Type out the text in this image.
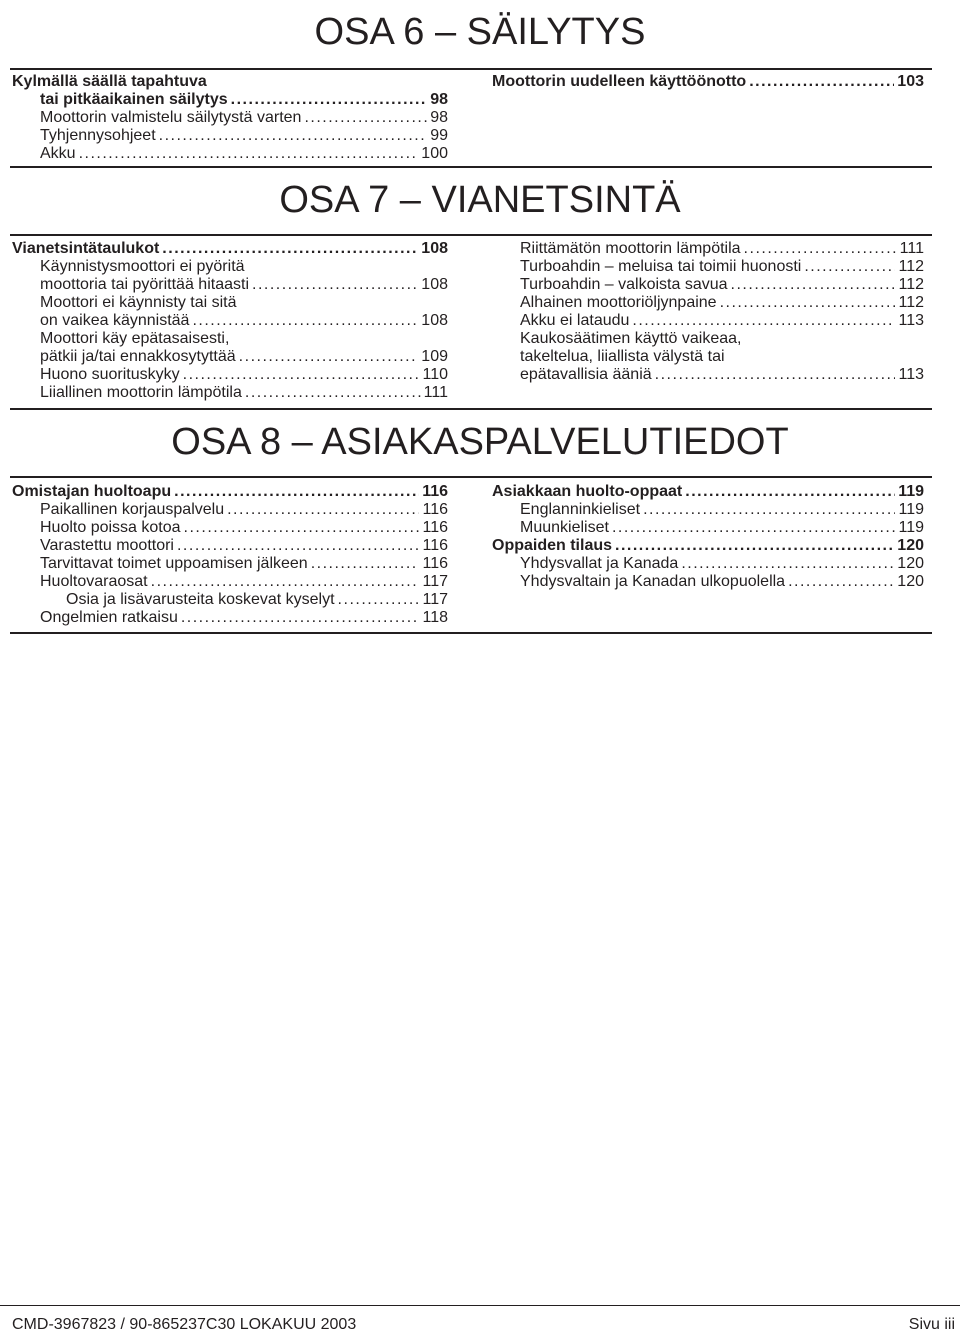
OSA 6 – SÄILYTYS
Kylmällä säällä tapahtuva
tai pitkäaikainen säilytys .....	98
Moottorin valmistelu säilytystä varten .....	98
Tyhjennysohjeet .....	99
Akku .....	100
Moottorin uudelleen käyttöönotto .....	103
OSA 7 – VIANETSINTÄ
Vianetsintätaulukot .....	108
Käynnistysmoottori ei pyöritä
moottoria tai pyörittää hitaasti .....	108
Moottori ei käynnisty tai sitä
on vaikea käynnistää .....	108
Moottori käy epätasaisesti,
pätkii ja/tai ennakkosytyttää .....	109
Huono suorituskyky .....	110
Liiallinen moottorin lämpötila .....	111
Riittämätön moottorin lämpötila .....	111
Turboahdin – meluisa tai toimii huonosti .....	112
Turboahdin – valkoista savua .....	112
Alhainen moottoriöljynpaine .....	112
Akku ei lataudu .....	113
Kaukosäätimen käyttö vaikeaa,
takeltelua, liiallista välystä tai
epätavallisia ääniä .....	113
OSA 8 – ASIAKASPALVELUTIEDOT
Omistajan huoltoapu .....	116
Paikallinen korjauspalvelu .....	116
Huolto poissa kotoa .....	116
Varastettu moottori .....	116
Tarvittavat toimet uppoamisen jälkeen .....	116
Huoltovaraosat .....	117
Osia ja lisävarusteita koskevat kyselyt .....	117
Ongelmien ratkaisu .....	118
Asiakkaan huolto-oppaat .....	119
Englanninkieliset .....	119
Muunkieliset .....	119
Oppaiden tilaus .....	120
Yhdysvallat ja Kanada .....	120
Yhdysvaltain ja Kanadan ulkopuolella .....	120
CMD-3967823 / 90-865237C30 LOKAKUU 2003	Sivu iii
